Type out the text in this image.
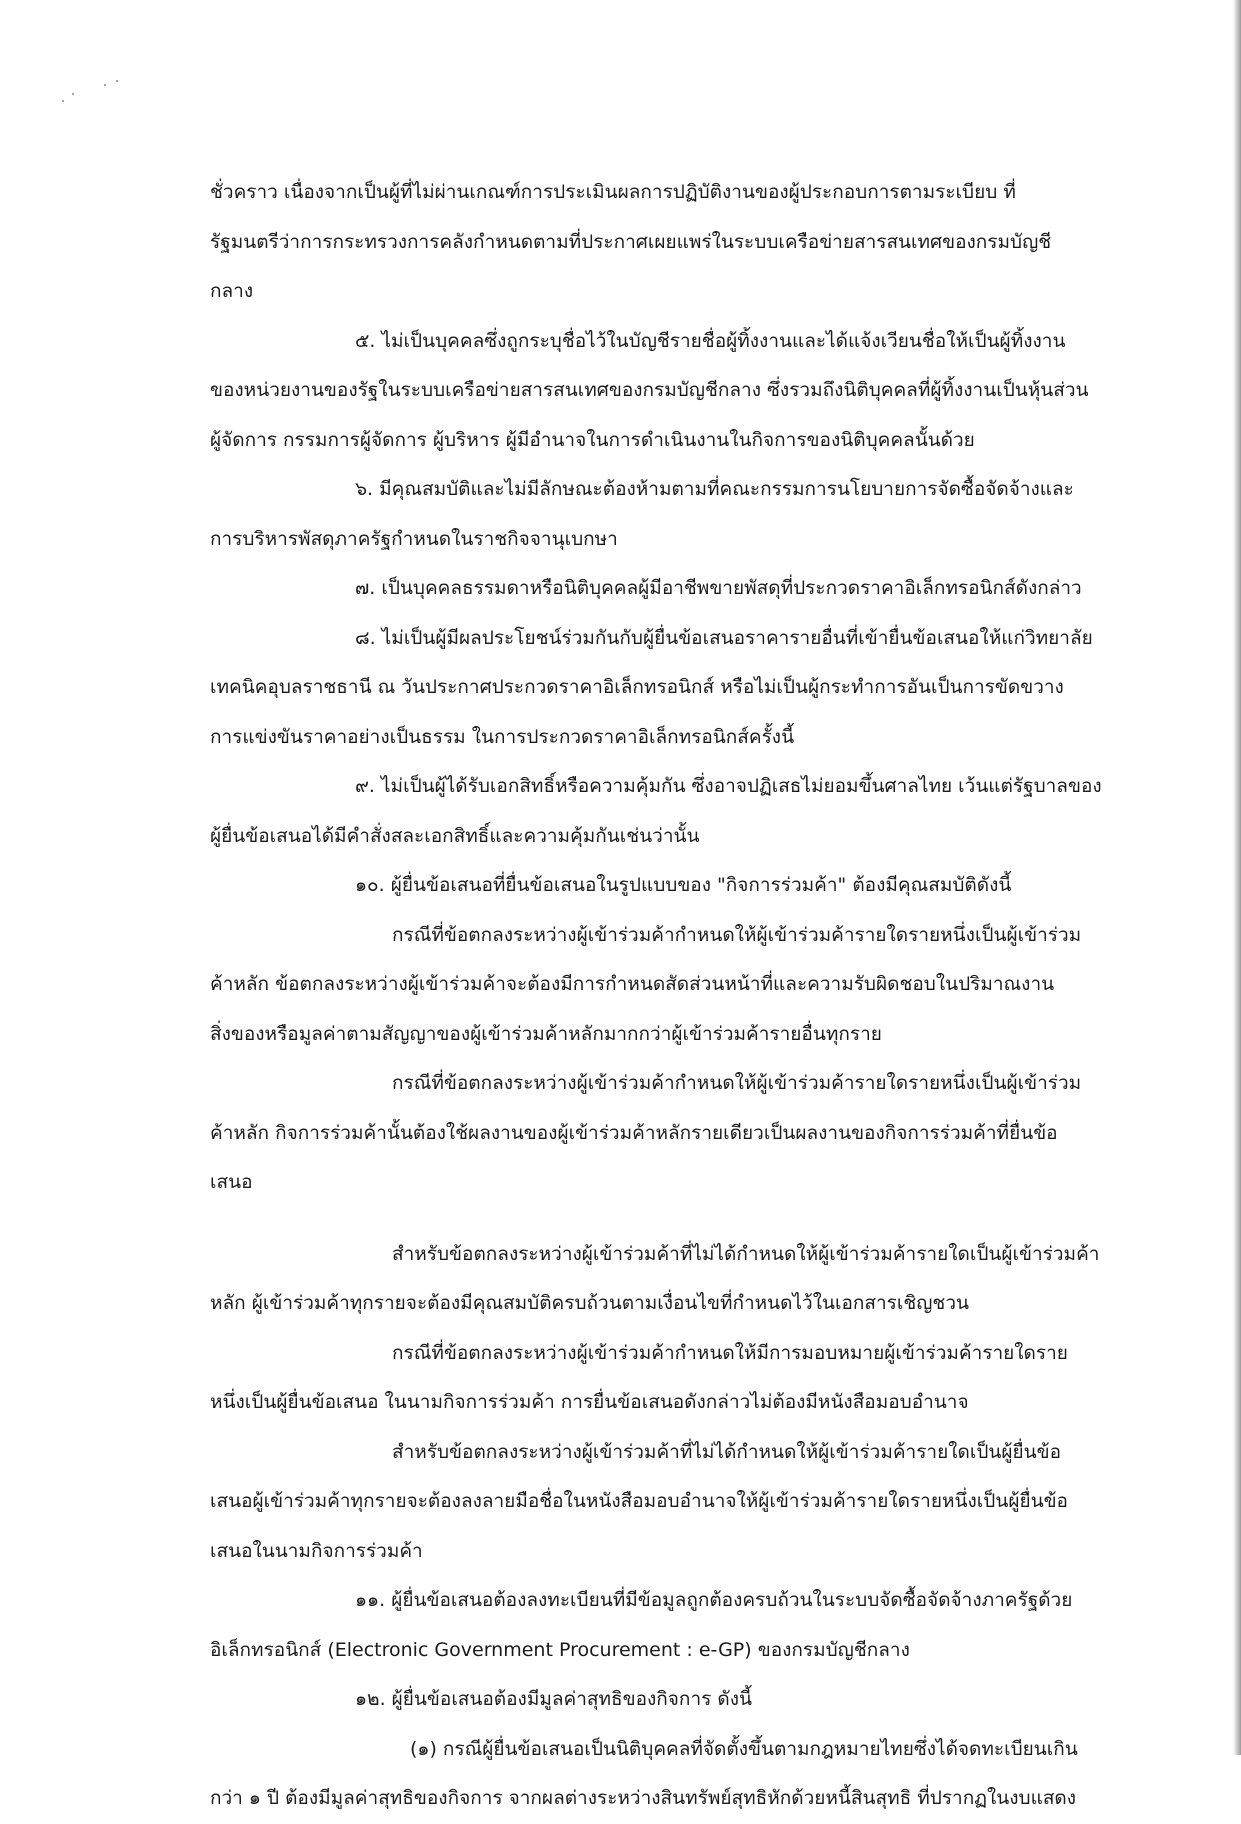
ชั่วคราว เนื่องจากเป็นผู้ที่ไม่ผ่านเกณฑ์การประเมินผลการปฏิบัติงานของผู้ประกอบการตามระเบียบ ที่
รัฐมนตรีว่าการกระทรวงการคลังกำหนดตามที่ประกาศเผยแพร่ในระบบเครือข่ายสารสนเทศของกรมบัญชี
กลาง
๕. ไม่เป็นบุคคลซึ่งถูกระบุชื่อไว้ในบัญชีรายชื่อผู้ทิ้งงานและได้แจ้งเวียนชื่อให้เป็นผู้ทิ้งงาน
ของหน่วยงานของรัฐในระบบเครือข่ายสารสนเทศของกรมบัญชีกลาง ซึ่งรวมถึงนิติบุคคลที่ผู้ทิ้งงานเป็นหุ้นส่วน
ผู้จัดการ กรรมการผู้จัดการ ผู้บริหาร ผู้มีอำนาจในการดำเนินงานในกิจการของนิติบุคคลนั้นด้วย
๖. มีคุณสมบัติและไม่มีลักษณะต้องห้ามตามที่คณะกรรมการนโยบายการจัดซื้อจัดจ้างและ
การบริหารพัสดุภาครัฐกำหนดในราชกิจจานุเบกษา
๗. เป็นบุคคลธรรมดาหรือนิติบุคคลผู้มีอาชีพขายพัสดุที่ประกวดราคาอิเล็กทรอนิกส์ดังกล่าว
๘. ไม่เป็นผู้มีผลประโยชน์ร่วมกันกับผู้ยื่นข้อเสนอราคารายอื่นที่เข้ายื่นข้อเสนอให้แก่วิทยาลัย
เทคนิคอุบลราชธานี ณ วันประกาศประกวดราคาอิเล็กทรอนิกส์ หรือไม่เป็นผู้กระทำการอันเป็นการขัดขวาง
การแข่งขันราคาอย่างเป็นธรรม ในการประกวดราคาอิเล็กทรอนิกส์ครั้งนี้
๙. ไม่เป็นผู้ได้รับเอกสิทธิ์หรือความคุ้มกัน ซึ่งอาจปฏิเสธไม่ยอมขึ้นศาลไทย เว้นแต่รัฐบาลของ
ผู้ยื่นข้อเสนอได้มีคำสั่งสละเอกสิทธิ์และความคุ้มกันเช่นว่านั้น
๑๐. ผู้ยื่นข้อเสนอที่ยื่นข้อเสนอในรูปแบบของ "กิจการร่วมค้า" ต้องมีคุณสมบัติดังนี้
กรณีที่ข้อตกลงระหว่างผู้เข้าร่วมค้ากำหนดให้ผู้เข้าร่วมค้ารายใดรายหนึ่งเป็นผู้เข้าร่วม
ค้าหลัก ข้อตกลงระหว่างผู้เข้าร่วมค้าจะต้องมีการกำหนดสัดส่วนหน้าที่และความรับผิดชอบในปริมาณงาน
สิ่งของหรือมูลค่าตามสัญญาของผู้เข้าร่วมค้าหลักมากกว่าผู้เข้าร่วมค้ารายอื่นทุกราย
กรณีที่ข้อตกลงระหว่างผู้เข้าร่วมค้ากำหนดให้ผู้เข้าร่วมค้ารายใดรายหนึ่งเป็นผู้เข้าร่วม
ค้าหลัก กิจการร่วมค้านั้นต้องใช้ผลงานของผู้เข้าร่วมค้าหลักรายเดียวเป็นผลงานของกิจการร่วมค้าที่ยื่นข้อ
เสนอ
สำหรับข้อตกลงระหว่างผู้เข้าร่วมค้าที่ไม่ได้กำหนดให้ผู้เข้าร่วมค้ารายใดเป็นผู้เข้าร่วมค้า
หลัก ผู้เข้าร่วมค้าทุกรายจะต้องมีคุณสมบัติครบถ้วนตามเงื่อนไขที่กำหนดไว้ในเอกสารเชิญชวน
กรณีที่ข้อตกลงระหว่างผู้เข้าร่วมค้ากำหนดให้มีการมอบหมายผู้เข้าร่วมค้ารายใดราย
หนึ่งเป็นผู้ยื่นข้อเสนอ ในนามกิจการร่วมค้า การยื่นข้อเสนอดังกล่าวไม่ต้องมีหนังสือมอบอำนาจ
สำหรับข้อตกลงระหว่างผู้เข้าร่วมค้าที่ไม่ได้กำหนดให้ผู้เข้าร่วมค้ารายใดเป็นผู้ยื่นข้อ
เสนอผู้เข้าร่วมค้าทุกรายจะต้องลงลายมือชื่อในหนังสือมอบอำนาจให้ผู้เข้าร่วมค้ารายใดรายหนึ่งเป็นผู้ยื่นข้อ
เสนอในนามกิจการร่วมค้า
๑๑. ผู้ยื่นข้อเสนอต้องลงทะเบียนที่มีข้อมูลถูกต้องครบถ้วนในระบบจัดซื้อจัดจ้างภาครัฐด้วย
อิเล็กทรอนิกส์ (Electronic Government Procurement : e-GP) ของกรมบัญชีกลาง
๑๒. ผู้ยื่นข้อเสนอต้องมีมูลค่าสุทธิของกิจการ ดังนี้
(๑) กรณีผู้ยื่นข้อเสนอเป็นนิติบุคคลที่จัดตั้งขึ้นตามกฎหมายไทยซึ่งได้จดทะเบียนเกิน
กว่า ๑ ปี ต้องมีมูลค่าสุทธิของกิจการ จากผลต่างระหว่างสินทรัพย์สุทธิหักด้วยหนี้สินสุทธิ ที่ปรากฏในงบแสดง
